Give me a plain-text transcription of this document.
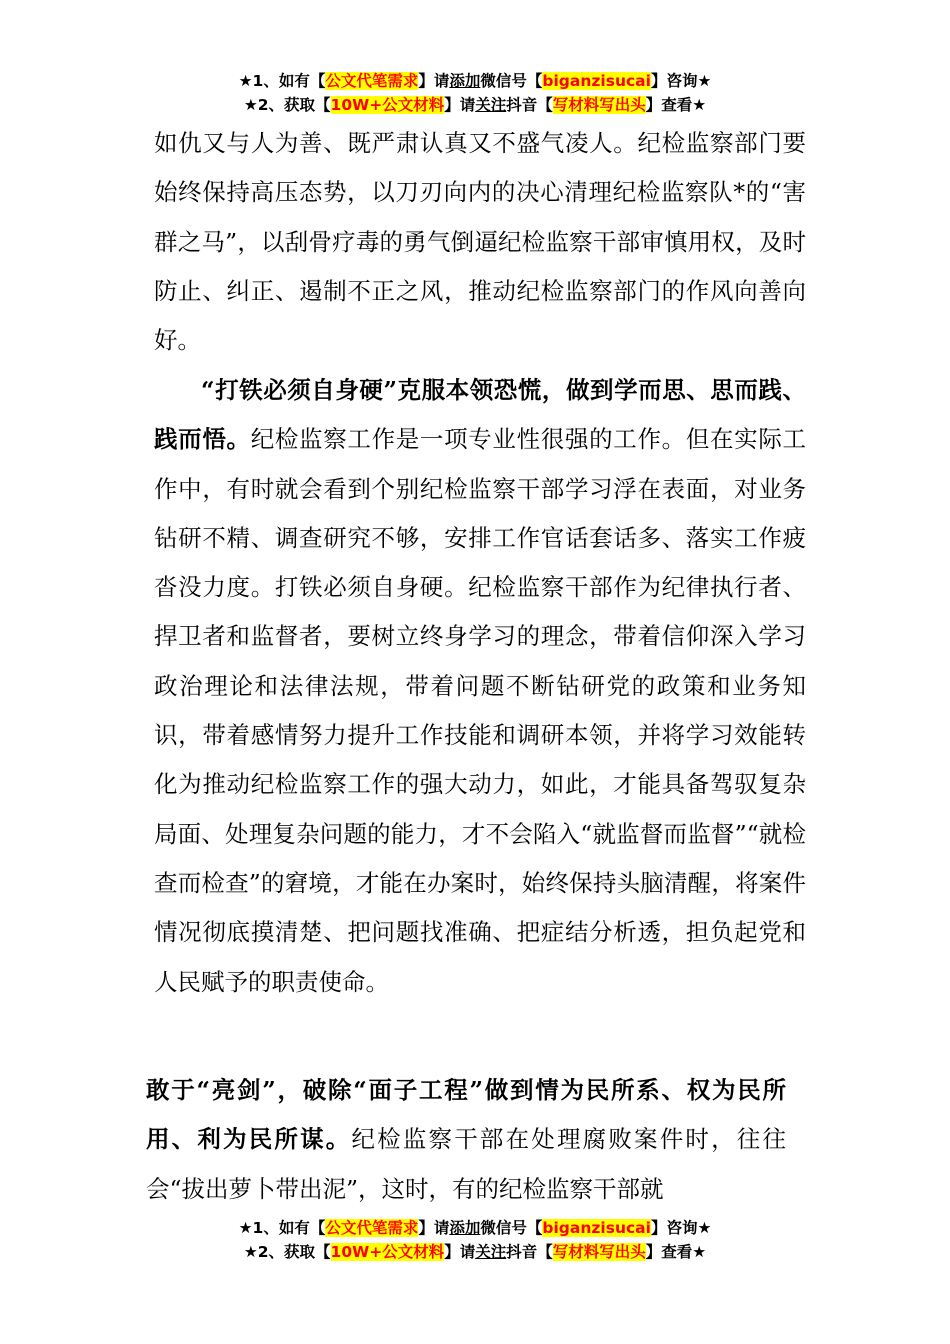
★1、如有【公文代笔需求】请添加微信号【biganzisucai】咨询★
★2、获取【10W+公文材料】请关注抖音【写材料写出头】查看★
如仇又与人为善、既严肃认真又不盛气凌人。纪检监察部门要始终保持高压态势，以刀刃向内的决心清理纪检监察队*的“害群之马”，以刮骨疗毒的勇气倒逼纪检监察干部审慎用权，及时防止、纠正、遏制不正之风，推动纪检监察部门的作风向善向好。
“打铁必须自身硬”克服本领恐慌，做到学而思、思而践、践而悟。纪检监察工作是一项专业性很强的工作。但在实际工作中，有时就会看到个别纪检监察干部学习浮在表面，对业务钻研不精、调查研究不够，安排工作官话套话多、落实工作疲沓没力度。打铁必须自身硬。纪检监察干部作为纪律执行者、捍卫者和监督者，要树立终身学习的理念，带着信仰深入学习政治理论和法律法规，带着问题不断钻研党的政策和业务知识，带着感情努力提升工作技能和调研本领，并将学习效能转化为推动纪检监察工作的强大动力，如此，才能具备驾驭复杂局面、处理复杂问题的能力，才不会陷入“就监督而监督”“就检查而检查”的窘境，才能在办案时，始终保持头脑清醒，将案件情况彻底摸清楚、把问题找准确、把症结分析透，担负起党和人民赋予的职责使命。
敢于“亮剑”，破除“面子工程”做到情为民所系、权为民所用、利为民所谋。纪检监察干部在处理腐败案件时，往往会“拔出萝卜带出泥”，这时，有的纪检监察干部就
★1、如有【公文代笔需求】请添加微信号【biganzisucai】咨询★
★2、获取【10W+公文材料】请关注抖音【写材料写出头】查看★
